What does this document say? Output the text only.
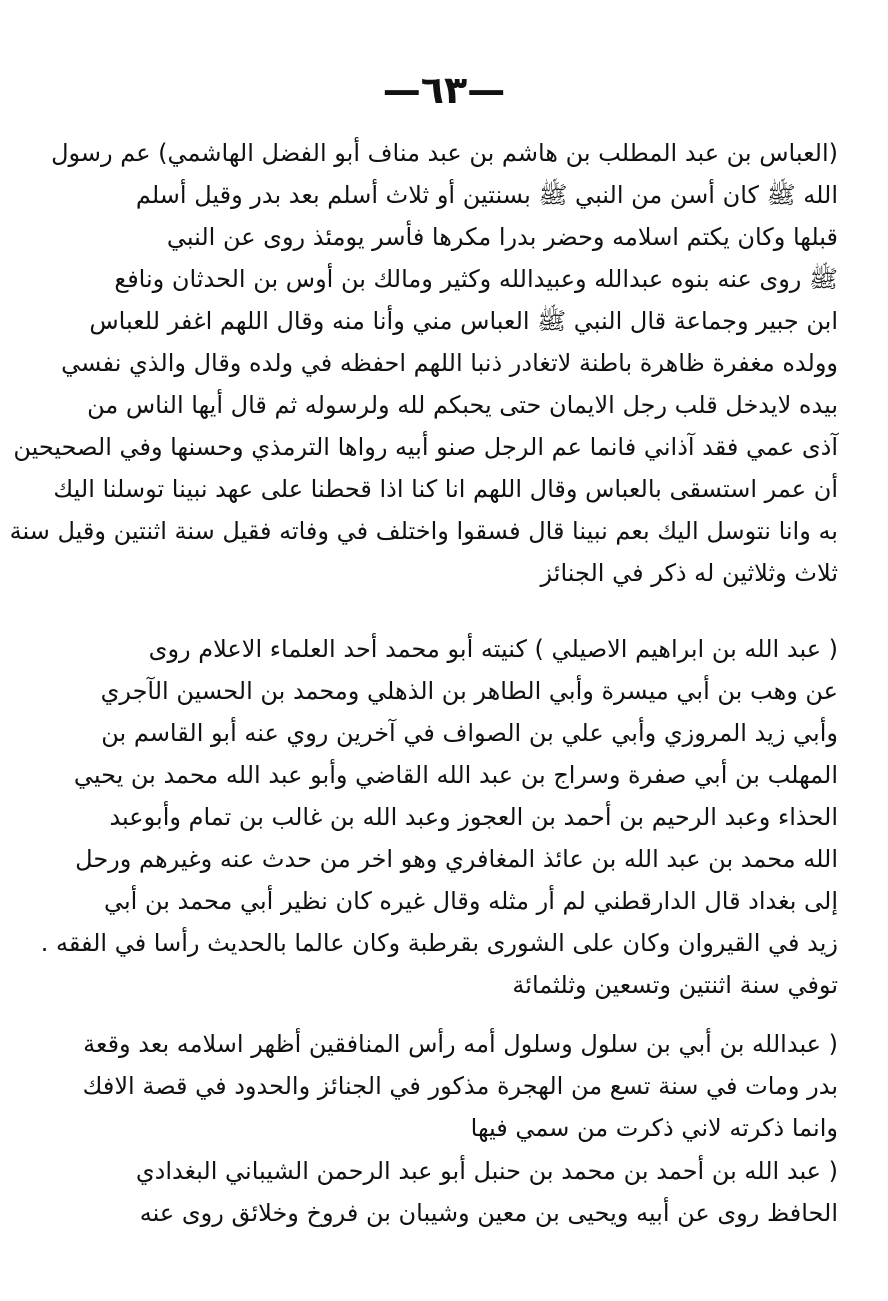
—٦٣—
(العباس بن عبد المطلب بن هاشم بن عبد مناف أبو الفضل الهاشمي) عم رسول
الله ﷺ كان أسن من النبي ﷺ بسنتين أو ثلاث أسلم بعد بدر وقيل أسلم
قبلها وكان يكتم اسلامه وحضر بدرا مكرها فأسر يومئذ روى عن النبي
ﷺ روى عنه بنوه عبدالله وعبيدالله وكثير ومالك بن أوس بن الحدثان ونافع
ابن جبير وجماعة قال النبي ﷺ العباس مني وأنا منه وقال اللهم اغفر للعباس
وولده مغفرة ظاهرة باطنة لاتغادر ذنبا اللهم احفظه في ولده وقال والذي نفسي
بيده لايدخل قلب رجل الايمان حتى يحبكم لله ولرسوله ثم قال أيها الناس من
آذى عمي فقد آذاني فانما عم الرجل صنو أبيه رواها الترمذي وحسنها وفي الصحيحين
أن عمر استسقى بالعباس وقال اللهم انا كنا اذا قحطنا على عهد نبينا توسلنا اليك
به وانا نتوسل اليك بعم نبينا قال فسقوا واختلف في وفاته فقيل سنة اثنتين وقيل سنة
ثلاث وثلاثين له ذكر في الجنائز
( عبد الله بن ابراهيم الاصيلي ) كنيته أبو محمد أحد العلماء الاعلام روى
عن وهب بن أبي ميسرة وأبي الطاهر بن الذهلي ومحمد بن الحسين الآجري
وأبي زيد المروزي وأبي علي بن الصواف في آخرين روي عنه أبو القاسم بن
المهلب بن أبي صفرة وسراج بن عبد الله القاضي وأبو عبد الله محمد بن يحيي
الحذاء وعبد الرحيم بن أحمد بن العجوز وعبد الله بن غالب بن تمام وأبوعبد
الله محمد بن عبد الله بن عائذ المغافري وهو اخر من حدث عنه وغيرهم ورحل
إلى بغداد قال الدارقطني لم أر مثله وقال غيره كان نظير أبي محمد بن أبي
زيد في القيروان وكان على الشورى بقرطبة وكان عالما بالحديث رأسا في الفقه .
توفي سنة اثنتين وتسعين وثلثمائة
( عبدالله بن أبي بن سلول وسلول أمه رأس المنافقين أظهر اسلامه بعد وقعة
بدر ومات في سنة تسع من الهجرة مذكور في الجنائز والحدود في قصة الافك
وانما ذكرته لاني ذكرت من سمي فيها
( عبد الله بن أحمد بن محمد بن حنبل أبو عبد الرحمن الشيباني البغدادي
الحافظ روى عن أبيه ويحيى بن معين وشيبان بن فروخ وخلائق روى عنه
